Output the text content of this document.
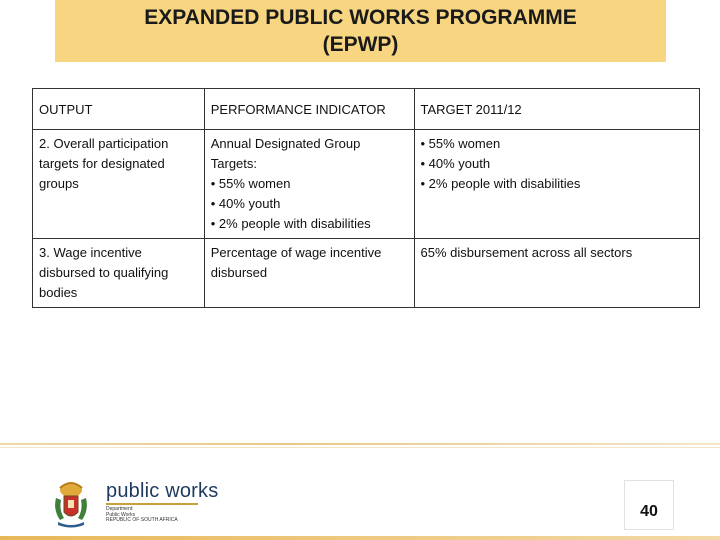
EXPANDED PUBLIC WORKS PROGRAMME
(EPWP)
OUTPUT	PERFORMANCE INDICATOR	TARGET 2011/12

2. Overall participation
targets for designated
groups	Annual Designated Group
Targets:
• 55% women
• 40% youth
• 2% people with disabilities	• 55% women
• 40% youth
• 2% people with disabilities

3. Wage incentive
disbursed to qualifying
bodies	Percentage of wage incentive
disbursed	65% disbursement across all sectors
public works
Department:
Public Works
REPUBLIC OF SOUTH AFRICA	40
